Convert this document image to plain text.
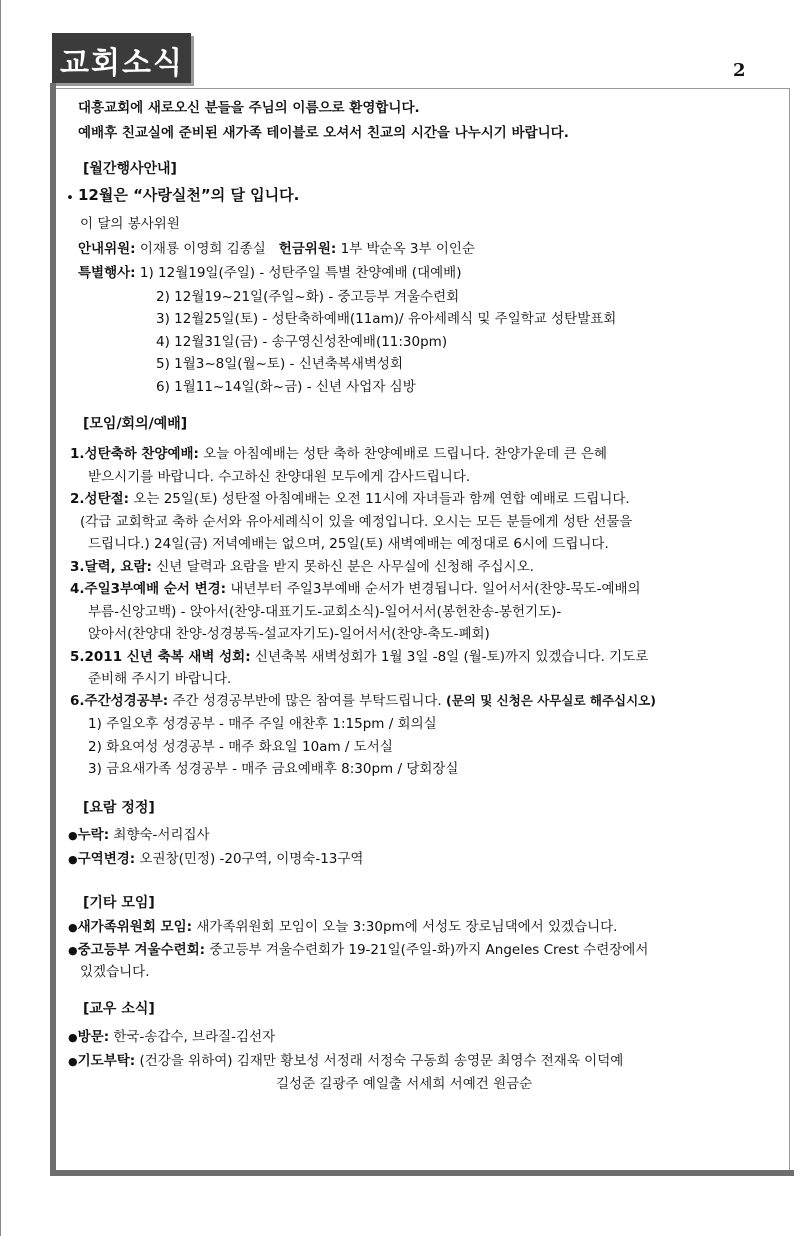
교회소식	2
대흥교회에 새로오신 분들을 주님의 이름으로 환영합니다.
예배후 친교실에 준비된 새가족 테이블로 오셔서 친교의 시간을 나누시기 바랍니다.
[월간행사안내]
• 12월은 “사랑실천”의 달 입니다.
이 달의 봉사위원
안내위원: 이재룡 이영희 김종실 헌금위원: 1부 박순옥 3부 이인순
특별행사: 1) 12월19일(주일) - 성탄주일 특별 찬양예배 (대예배)
2) 12월19~21일(주일~화) - 중고등부 겨울수련회
3) 12월25일(토) - 성탄축하예배(11am)/ 유아세례식 및 주일학교 성탄발표회
4) 12월31일(금) - 송구영신성찬예배(11:30pm)
5) 1월3~8일(월~토) - 신년축복새벽성회
6) 1월11~14일(화~금) - 신년 사업자 심방
[모임/회의/예배]
1.성탄축하 찬양예배: 오늘 아침예배는 성탄 축하 찬양예배로 드립니다. 찬양가운데 큰 은혜
받으시기를 바랍니다. 수고하신 찬양대원 모두에게 감사드립니다.
2.성탄절: 오는 25일(토) 성탄절 아침예배는 오전 11시에 자녀들과 함께 연합 예배로 드립니다.
(각급 교회학교 축하 순서와 유아세례식이 있을 예정입니다. 오시는 모든 분들에게 성탄 선물을
드립니다.) 24일(금) 저녁예배는 없으며, 25일(토) 새벽예배는 예정대로 6시에 드립니다.
3.달력, 요람: 신년 달력과 요람을 받지 못하신 분은 사무실에 신청해 주십시오.
4.주일3부예배 순서 변경: 내년부터 주일3부예배 순서가 변경됩니다. 일어서서(찬양-묵도-예배의
부름-신앙고백) - 앉아서(찬양-대표기도-교회소식)-일어서서(봉헌찬송-봉헌기도)-
앉아서(찬양대 찬양-성경봉독-설교자기도)-일어서서(찬양-축도-폐회)
5.2011 신년 축복 새벽 성회: 신년축복 새벽성회가 1월 3일 -8일 (월-토)까지 있겠습니다. 기도로
준비해 주시기 바랍니다.
6.주간성경공부: 주간 성경공부반에 많은 참여를 부탁드립니다. (문의 및 신청은 사무실로 해주십시오)
1) 주일오후 성경공부 - 매주 주일 애찬후 1:15pm / 회의실
2) 화요여성 성경공부 - 매주 화요일 10am / 도서실
3) 금요새가족 성경공부 - 매주 금요예배후 8:30pm / 당회장실
[요람 정정]
●누락: 최향숙-서리집사
●구역변경: 오권창(민정) -20구역, 이명숙-13구역
[기타 모임]
●새가족위원회 모임: 새가족위원회 모임이 오늘 3:30pm에 서성도 장로님댁에서 있겠습니다.
●중고등부 겨울수련회: 중고등부 겨울수련회가 19-21일(주일-화)까지 Angeles Crest 수련장에서
있겠습니다.
[교우 소식]
●방문: 한국-송갑수, 브라질-김선자
●기도부탁: (건강을 위하여) 김재만 황보성 서정래 서정숙 구동희 송영문 최영수 전재욱 이덕예
길성준 길광주 예일출 서세희 서예건 원금순
